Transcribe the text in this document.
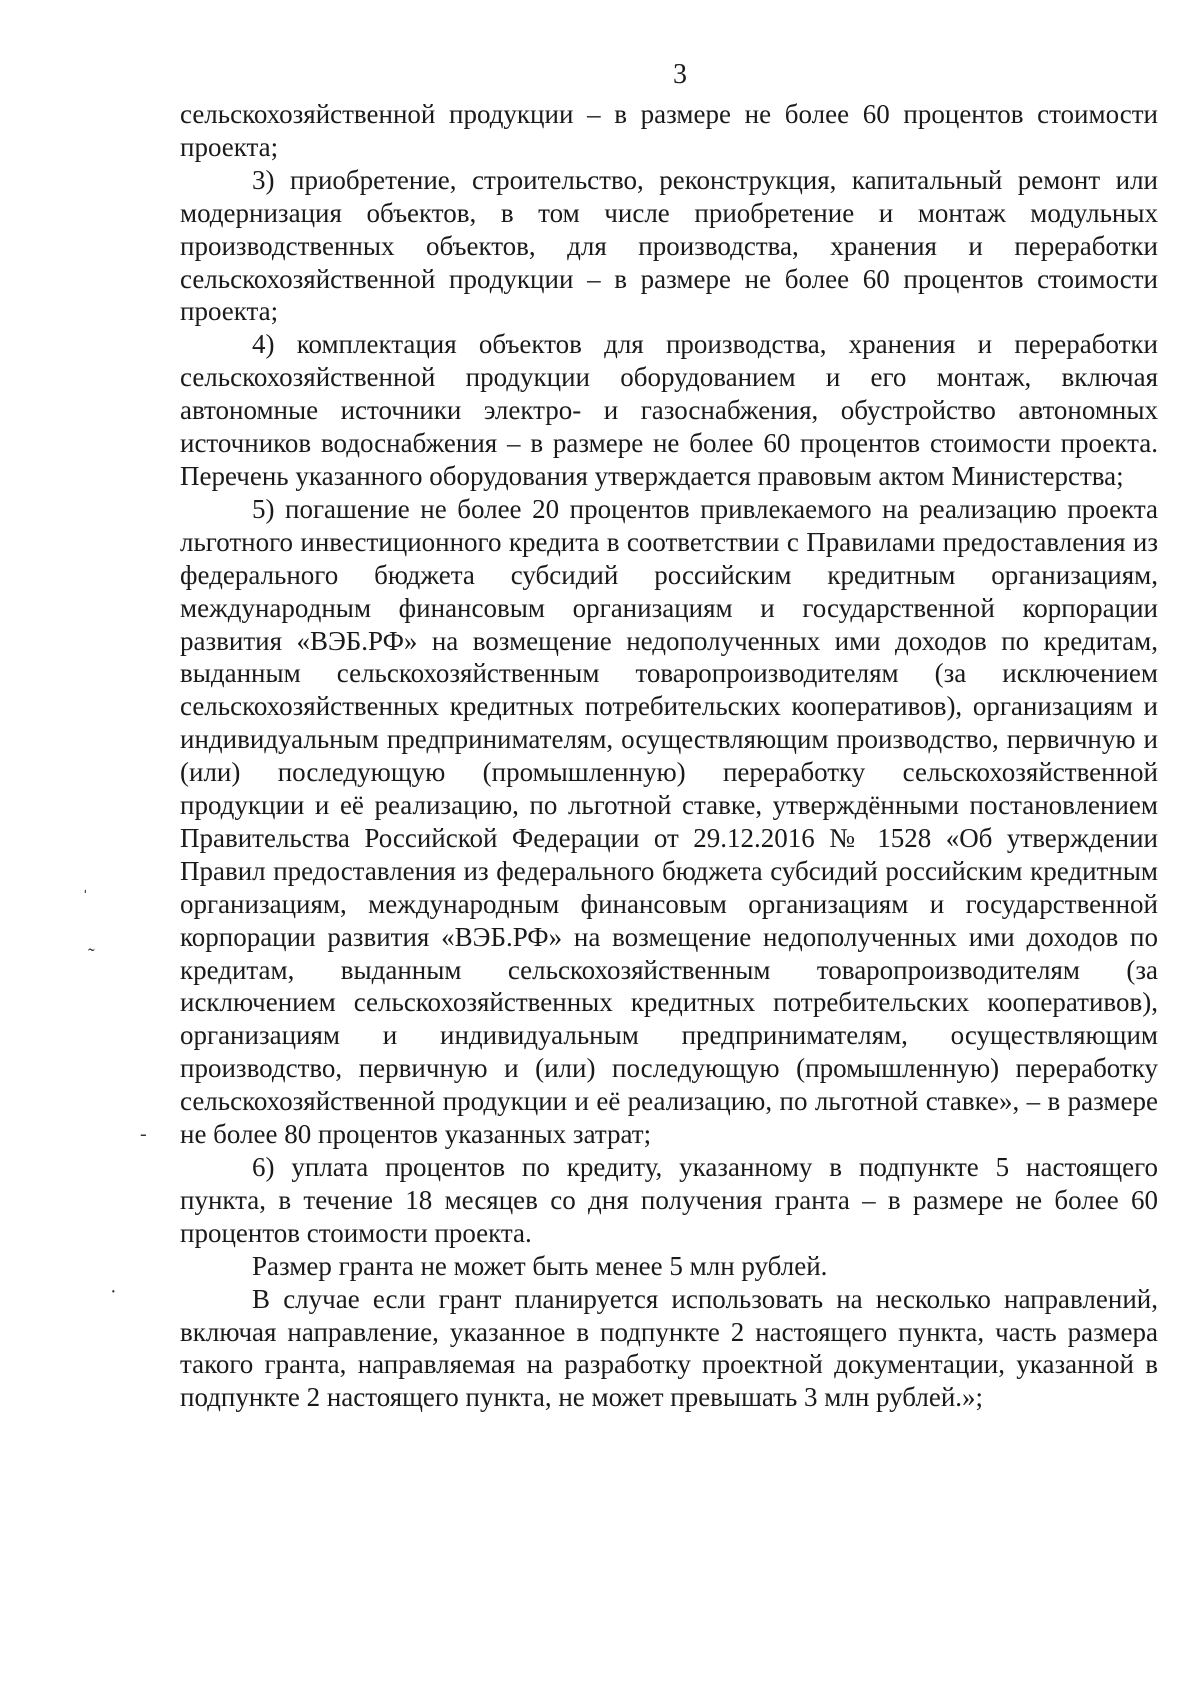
3

сельскохозяйственной продукции – в размере не более 60 процентов стоимости проекта;

3) приобретение, строительство, реконструкция, капитальный ремонт или модернизация объектов, в том числе приобретение и монтаж модульных производственных объектов, для производства, хранения и переработки сельскохозяйственной продукции – в размере не более 60 процентов стоимости проекта;

4) комплектация объектов для производства, хранения и переработки сельскохозяйственной продукции оборудованием и его монтаж, включая автономные источники электро- и газоснабжения, обустройство автономных источников водоснабжения – в размере не более 60 процентов стоимости проекта. Перечень указанного оборудования утверждается правовым актом Министерства;

5) погашение не более 20 процентов привлекаемого на реализацию проекта льготного инвестиционного кредита в соответствии с Правилами предоставления из федерального бюджета субсидий российским кредитным организациям, международным финансовым организациям и государственной корпорации развития «ВЭБ.РФ» на возмещение недополученных ими доходов по кредитам, выданным сельскохозяйственным товаропроизводителям (за исключением сельскохозяйственных кредитных потребительских кооперативов), организациям и индивидуальным предпринимателям, осуществляющим производство, первичную и (или) последующую (промышленную) переработку сельскохозяйственной продукции и её реализацию, по льготной ставке, утверждёнными постановлением Правительства Российской Федерации от 29.12.2016 № 1528 «Об утверждении Правил предоставления из федерального бюджета субсидий российским кредитным организациям, международным финансовым организациям и государственной корпорации развития «ВЭБ.РФ» на возмещение недополученных ими доходов по кредитам, выданным сельскохозяйственным товаропроизводителям (за исключением сельскохозяйственных кредитных потребительских кооперативов), организациям и индивидуальным предпринимателям, осуществляющим производство, первичную и (или) последующую (промышленную) переработку сельскохозяйственной продукции и её реализацию, по льготной ставке», – в размере не более 80 процентов указанных затрат;

6) уплата процентов по кредиту, указанному в подпункте 5 настоящего пункта, в течение 18 месяцев со дня получения гранта – в размере не более 60 процентов стоимости проекта.

Размер гранта не может быть менее 5 млн рублей.

В случае если грант планируется использовать на несколько направлений, включая направление, указанное в подпункте 2 настоящего пункта, часть размера такого гранта, направляемая на разработку проектной документации, указанной в подпункте 2 настоящего пункта, не может превышать 3 млн рублей.»;

ˈ
-
·
